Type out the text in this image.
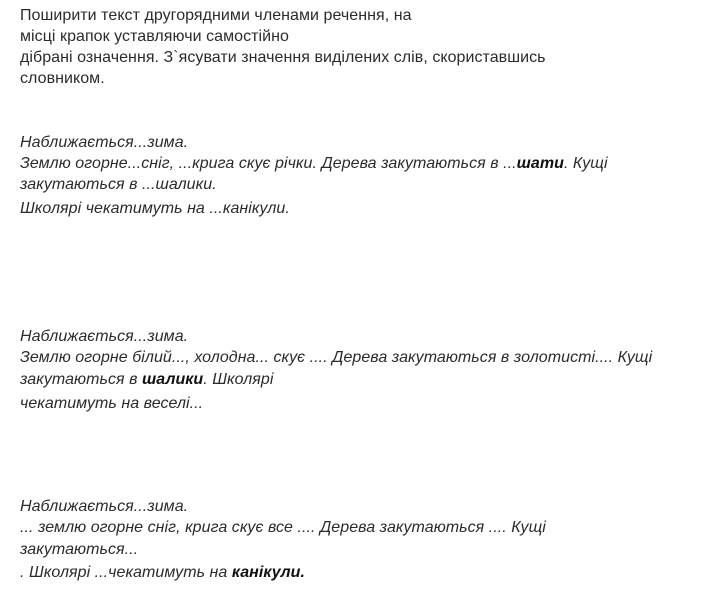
Поширити текст другорядними членами речення, на
місці крапок уставляючи самостійно
дібрані означення. З`ясувати значення виділених слів, скориставшись
словником.
Наближається...зима.
Землю огорне...сніг, ...крига скує річки. Дерева закутаються в ...шати. Кущі
закутаються в ...шалики.
Школярі чекатимуть на ...канікули.
Наближається...зима.
Землю огорне білий..., холодна... скує .... Дерева закутаються в золотисті.... Кущі
закутаються в шалики. Школярі
чекатимуть на веселі...
Наближається...зима.
... землю огорне сніг, крига скує все .... Дерева закутаються .... Кущі
закутаються...
. Школярі ...чекатимуть на канікули.
